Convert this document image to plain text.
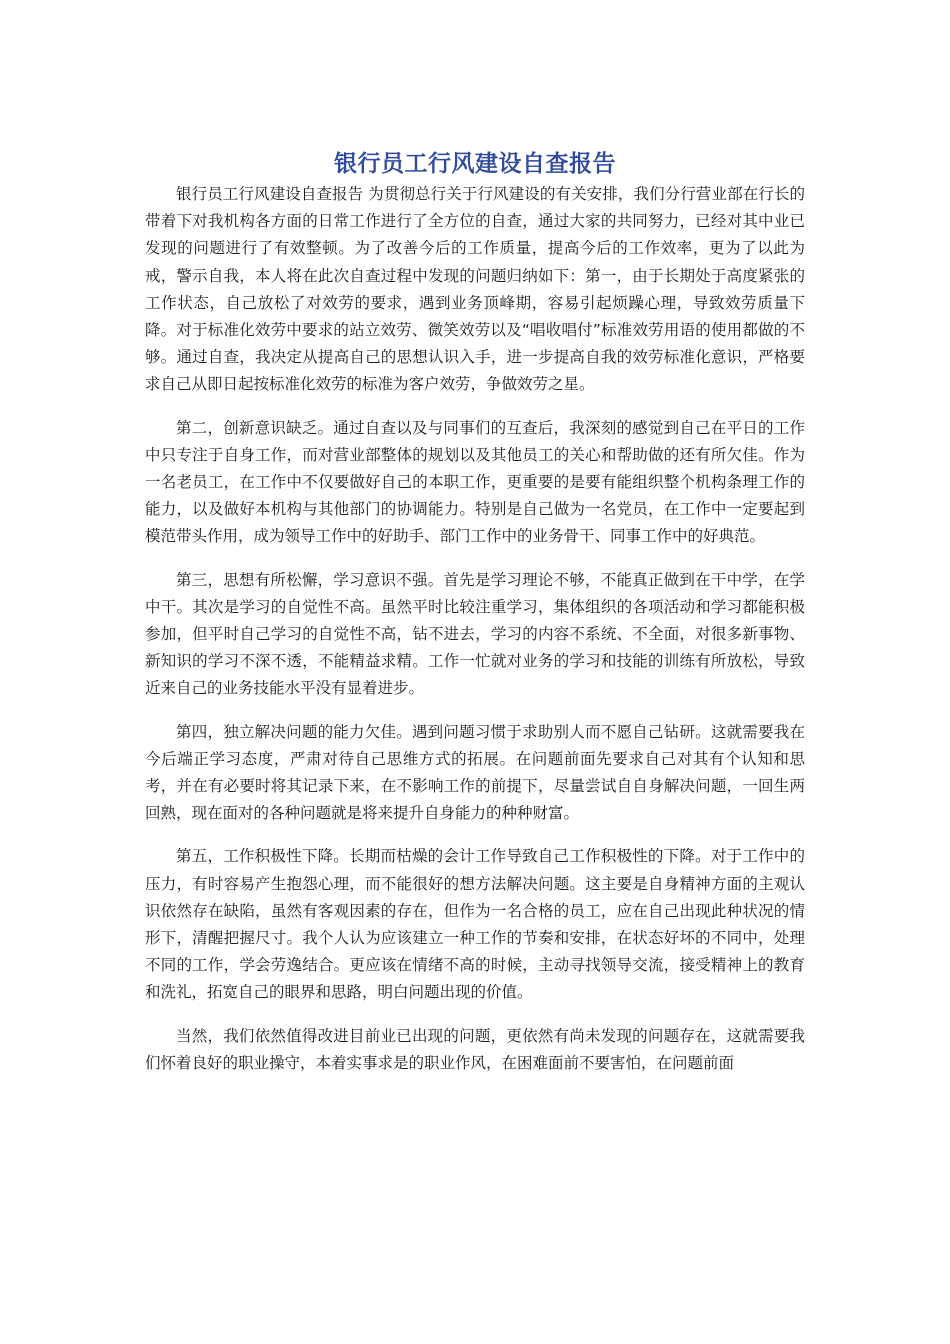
银行员工行风建设自查报告

银行员工行风建设自查报告 为贯彻总行关于行风建设的有关安排，我们分行营业部在行长的带着下对我机构各方面的日常工作进行了全方位的自查，通过大家的共同努力，已经对其中业已发现的问题进行了有效整顿。为了改善今后的工作质量，提高今后的工作效率，更为了以此为戒，警示自我，本人将在此次自查过程中发现的问题归纳如下：第一，由于长期处于高度紧张的工作状态，自己放松了对效劳的要求，遇到业务顶峰期，容易引起烦躁心理，导致效劳质量下降。对于标准化效劳中要求的站立效劳、微笑效劳以及“唱收唱付”标准效劳用语的使用都做的不够。通过自查，我决定从提高自己的思想认识入手，进一步提高自我的效劳标准化意识，严格要求自己从即日起按标准化效劳的标准为客户效劳，争做效劳之星。

第二，创新意识缺乏。通过自查以及与同事们的互查后，我深刻的感觉到自己在平日的工作中只专注于自身工作，而对营业部整体的规划以及其他员工的关心和帮助做的还有所欠佳。作为一名老员工，在工作中不仅要做好自己的本职工作，更重要的是要有能组织整个机构条理工作的能力，以及做好本机构与其他部门的协调能力。特别是自己做为一名党员，在工作中一定要起到模范带头作用，成为领导工作中的好助手、部门工作中的业务骨干、同事工作中的好典范。

第三，思想有所松懈，学习意识不强。首先是学习理论不够，不能真正做到在干中学，在学中干。其次是学习的自觉性不高。虽然平时比较注重学习，集体组织的各项活动和学习都能积极参加，但平时自己学习的自觉性不高，钻不进去，学习的内容不系统、不全面，对很多新事物、新知识的学习不深不透，不能精益求精。工作一忙就对业务的学习和技能的训练有所放松，导致近来自己的业务技能水平没有显着进步。

第四，独立解决问题的能力欠佳。遇到问题习惯于求助别人而不愿自己钻研。这就需要我在今后端正学习态度，严肃对待自己思维方式的拓展。在问题前面先要求自己对其有个认知和思考，并在有必要时将其记录下来，在不影响工作的前提下，尽量尝试自自身解决问题，一回生两回熟，现在面对的各种问题就是将来提升自身能力的种种财富。

第五，工作积极性下降。长期而枯燥的会计工作导致自己工作积极性的下降。对于工作中的压力，有时容易产生抱怨心理，而不能很好的想方法解决问题。这主要是自身精神方面的主观认识依然存在缺陷，虽然有客观因素的存在，但作为一名合格的员工，应在自己出现此种状况的情形下，清醒把握尺寸。我个人认为应该建立一种工作的节奏和安排，在状态好坏的不同中，处理不同的工作，学会劳逸结合。更应该在情绪不高的时候，主动寻找领导交流，接受精神上的教育和洗礼，拓宽自己的眼界和思路，明白问题出现的价值。

当然，我们依然值得改进目前业已出现的问题，更依然有尚未发现的问题存在，这就需要我们怀着良好的职业操守，本着实事求是的职业作风，在困难面前不要害怕，在问题前面
